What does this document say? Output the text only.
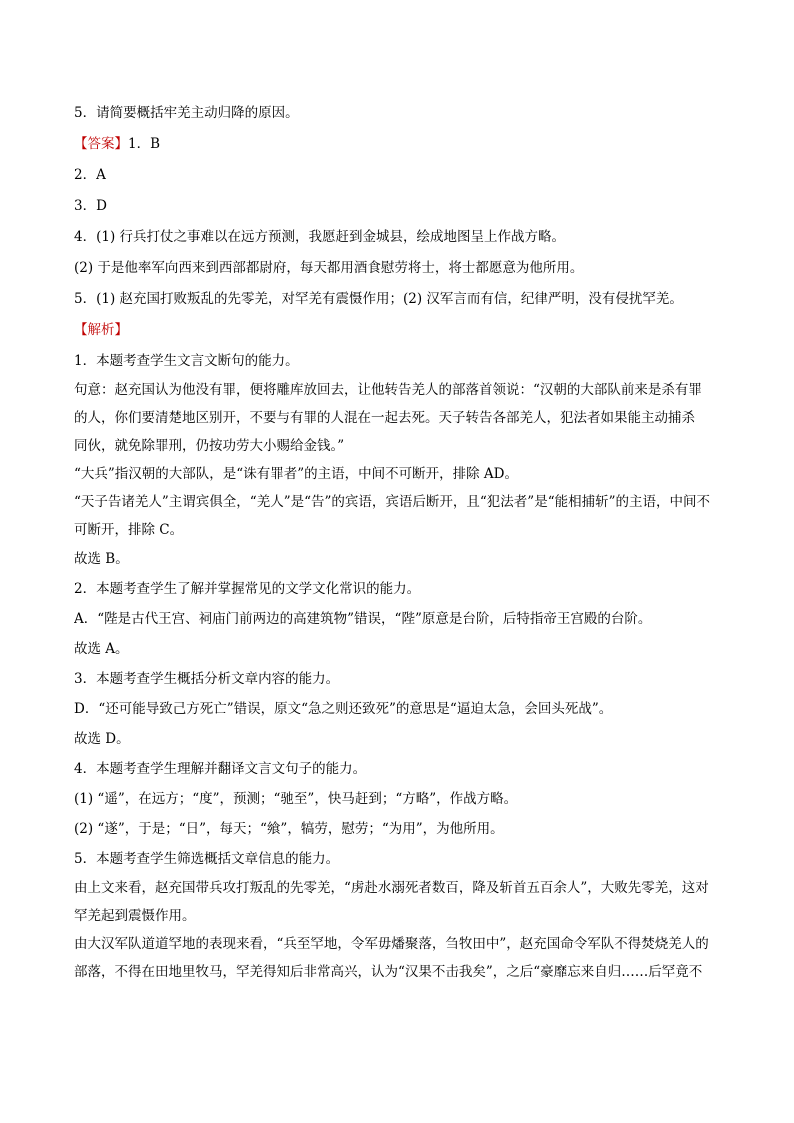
5．请简要概括牢羌主动归降的原因。
【答案】1．B
2．A
3．D
4．(1) 行兵打仗之事难以在远方预测，我愿赶到金城县，绘成地图呈上作战方略。
(2) 于是他率军向西来到西部都尉府，每天都用酒食慰劳将士，将士都愿意为他所用。
5．(1) 赵充国打败叛乱的先零羌，对罕羌有震慑作用；(2) 汉军言而有信，纪律严明，没有侵扰罕羌。
【解析】
1．本题考查学生文言文断句的能力。
句意：赵充国认为他没有罪，便将雕库放回去，让他转告羌人的部落首领说：“汉朝的大部队前来是杀有罪
的人，你们要清楚地区别开，不要与有罪的人混在一起去死。天子转告各部羌人，犯法者如果能主动捕杀
同伙，就免除罪刑，仍按功劳大小赐给金钱。”
“大兵”指汉朝的大部队，是“诛有罪者”的主语，中间不可断开，排除 AD。
“天子告诸羌人”主谓宾俱全，“羌人”是“告”的宾语，宾语后断开，且“犯法者”是“能相捕斩”的主语，中间不
可断开，排除 C。
故选 B。
2．本题考查学生了解并掌握常见的文学文化常识的能力。
A．“陛是古代王宫、祠庙门前两边的高建筑物”错误，“陛”原意是台阶，后特指帝王宫殿的台阶。
故选 A。
3．本题考查学生概括分析文章内容的能力。
D．“还可能导致己方死亡”错误，原文“急之则还致死”的意思是“逼迫太急，会回头死战”。
故选 D。
4．本题考查学生理解并翻译文言文句子的能力。
(1) “遥”，在远方；“度”，预测；“驰至”，快马赶到；“方略”，作战方略。
(2) “遂”，于是；“日”，每天；“飨”，犒劳，慰劳；“为用”，为他所用。
5．本题考查学生筛选概括文章信息的能力。
由上文来看，赵充国带兵攻打叛乱的先零羌，“虏赴水溺死者数百，降及斩首五百余人”，大败先零羌，这对
罕羌起到震慑作用。
由大汉军队道道罕地的表现来看，“兵至罕地，令军毋燔聚落，刍牧田中”，赵充国命令军队不得焚烧羌人的
部落，不得在田地里牧马，罕羌得知后非常高兴，认为“汉果不击我矣”，之后“豪靡忘来自归……后罕竟不
